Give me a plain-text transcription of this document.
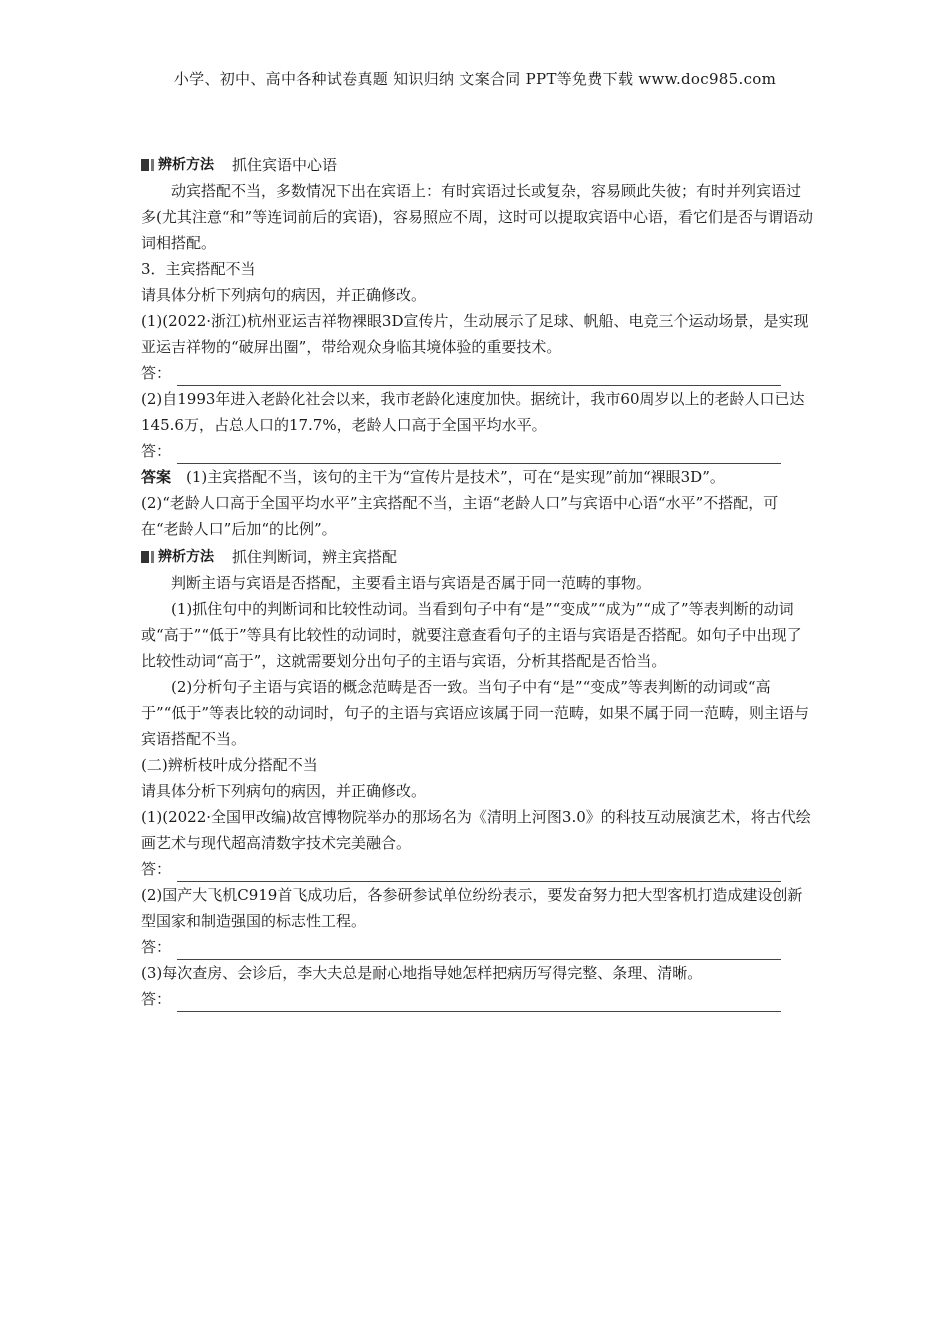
小学、初中、高中各种试卷真题 知识归纳 文案合同 PPT等免费下载 www.doc985.com
辨析方法 抓住宾语中心语

动宾搭配不当，多数情况下出在宾语上：有时宾语过长或复杂，容易顾此失彼；有时并列宾语过多(尤其注意“和”等连词前后的宾语)，容易照应不周，这时可以提取宾语中心语，看它们是否与谓语动词相搭配。

3．主宾搭配不当

请具体分析下列病句的病因，并正确修改。

(1)(2022·浙江)杭州亚运吉祥物裸眼3D宣传片，生动展示了足球、帆船、电竞三个运动场景，是实现亚运吉祥物的“破屏出圈”，带给观众身临其境体验的重要技术。

答：

(2)自1993年进入老龄化社会以来，我市老龄化速度加快。据统计，我市60周岁以上的老龄人口已达145.6万，占总人口的17.7%，老龄人口高于全国平均水平。

答：

答案　 (1)主宾搭配不当，该句的主干为“宣传片是技术”，可在“是实现”前加“裸眼3D”。

(2)“老龄人口高于全国平均水平”主宾搭配不当，主语“老龄人口”与宾语中心语“水平”不搭配，可在“老龄人口”后加“的比例”。

辨析方法 抓住判断词，辨主宾搭配

判断主语与宾语是否搭配，主要看主语与宾语是否属于同一范畴的事物。

(1)抓住句中的判断词和比较性动词。当看到句子中有“是”“变成”“成为”“成了”等表判断的动词或“高于”“低于”等具有比较性的动词时，就要注意查看句子的主语与宾语是否搭配。如句子中出现了比较性动词“高于”，这就需要划分出句子的主语与宾语，分析其搭配是否恰当。

(2)分析句子主语与宾语的概念范畴是否一致。当句子中有“是”“变成”等表判断的动词或“高于”“低于”等表比较的动词时，句子的主语与宾语应该属于同一范畴，如果不属于同一范畴，则主语与宾语搭配不当。

(二)辨析枝叶成分搭配不当

请具体分析下列病句的病因，并正确修改。

(1)(2022·全国甲改编)故宫博物院举办的那场名为《清明上河图3.0》的科技互动展演艺术，将古代绘画艺术与现代超高清数字技术完美融合。

答：

(2)国产大飞机C919首飞成功后，各参研参试单位纷纷表示，要发奋努力把大型客机打造成建设创新型国家和制造强国的标志性工程。

答：

(3)每次查房、会诊后，李大夫总是耐心地指导她怎样把病历写得完整、条理、清晰。

答：
